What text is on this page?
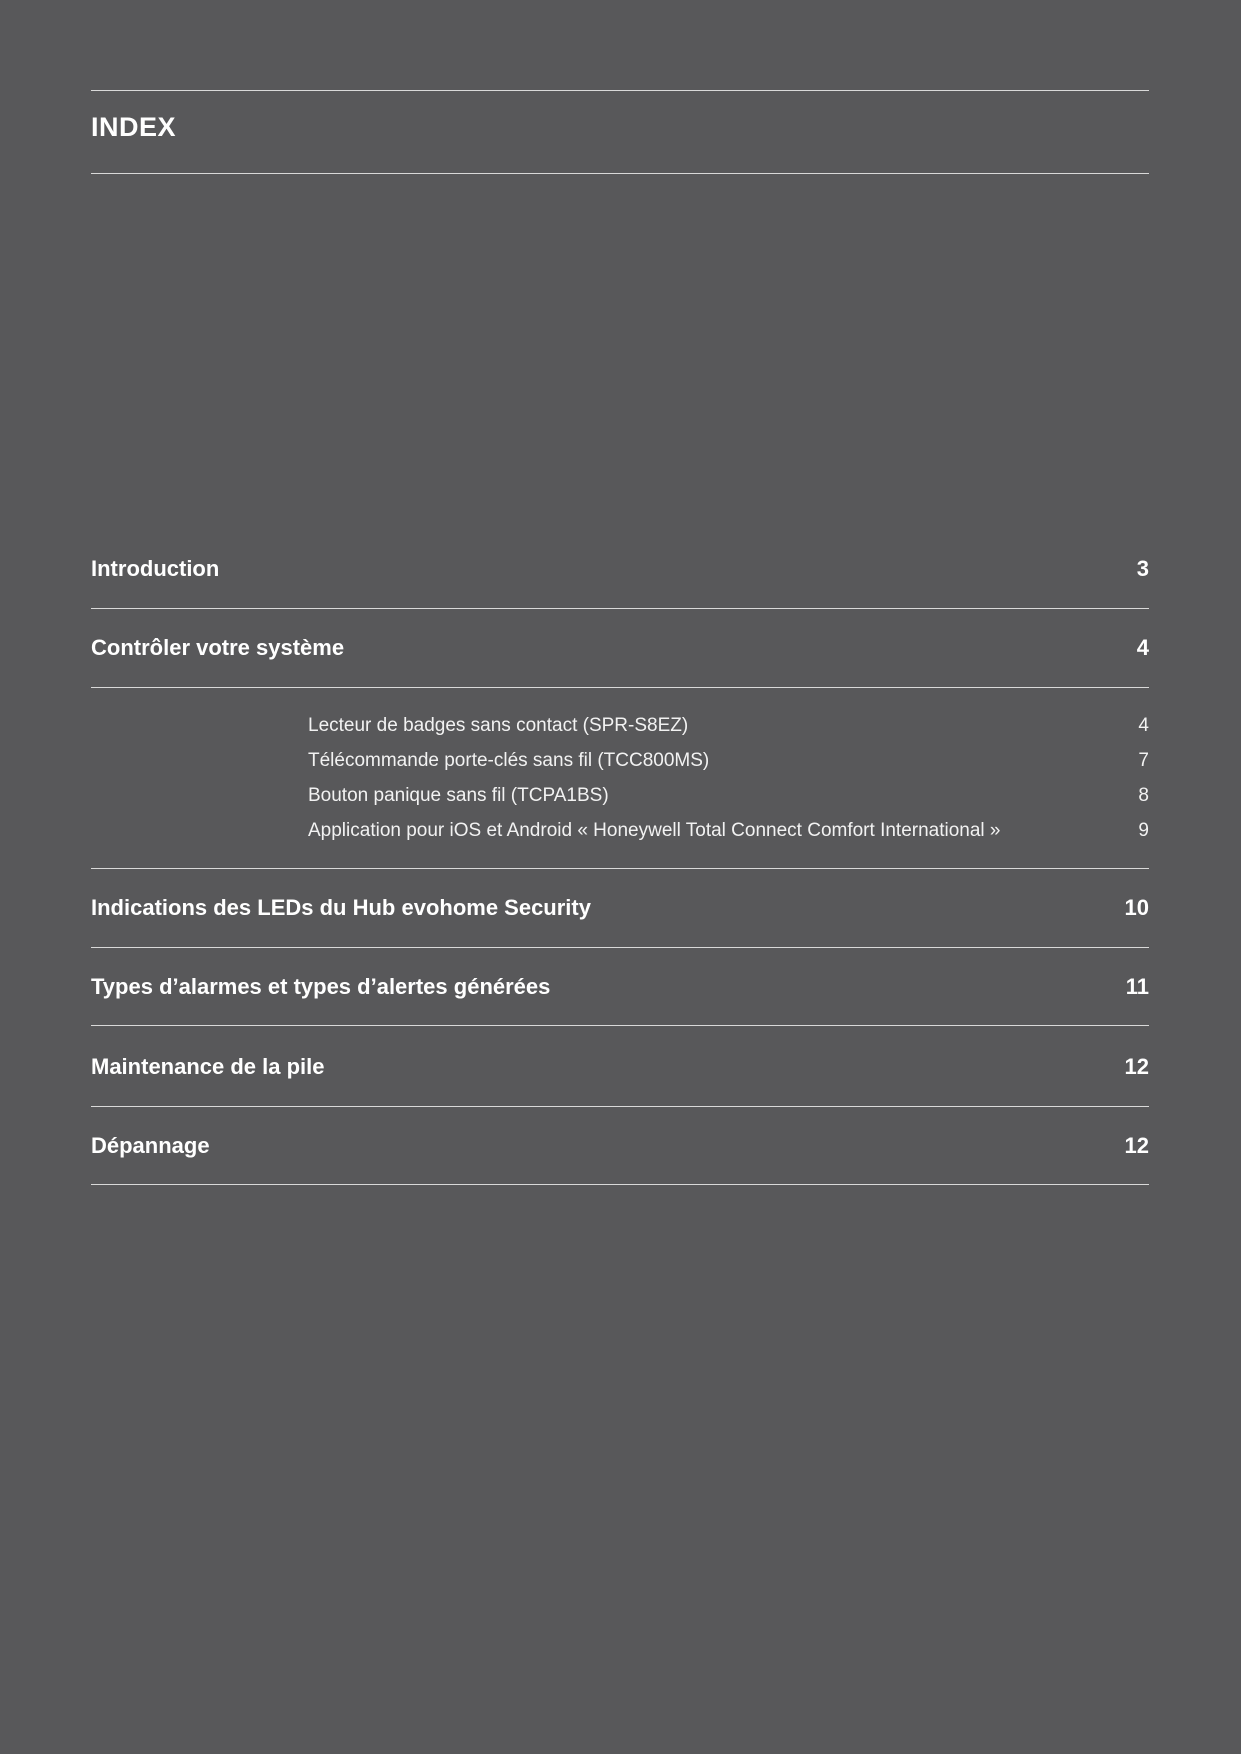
INDEX
Introduction	3
Contrôler votre système	4
Lecteur de badges sans contact (SPR-S8EZ)	4
Télécommande porte-clés sans fil (TCC800MS)	7
Bouton panique sans fil (TCPA1BS)	8
Application pour iOS et Android « Honeywell Total Connect Comfort International »	9
Indications des LEDs du Hub evohome Security	10
Types d’alarmes et types d’alertes générées	11
Maintenance de la pile	12
Dépannage	12
